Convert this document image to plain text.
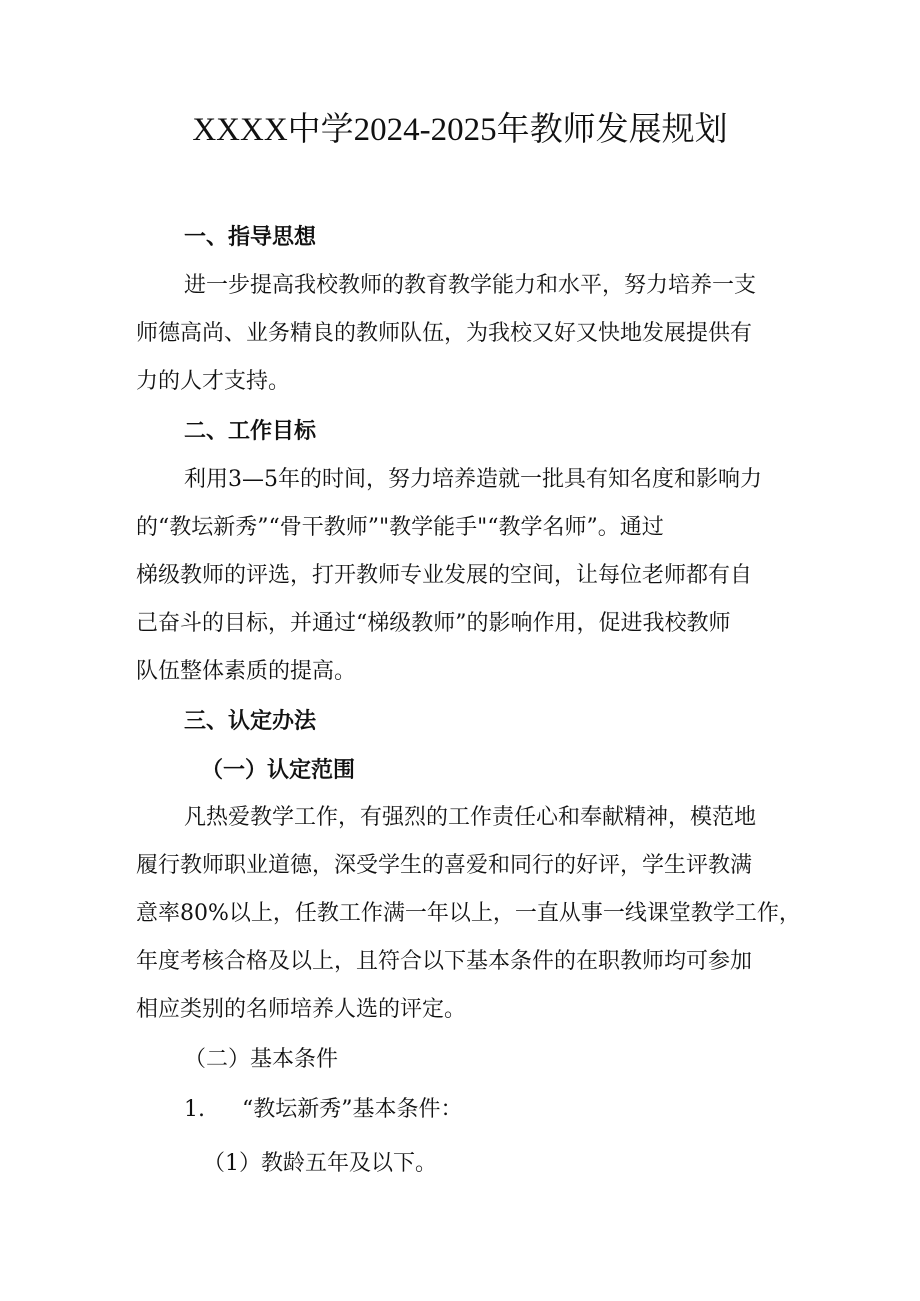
XXXX中学2024-2025年教师发展规划
一、指导思想
进一步提高我校教师的教育教学能力和水平，努力培养一支
师德高尚、业务精良的教师队伍，为我校又好又快地发展提供有
力的人才支持。
二、工作目标
利用3—5年的时间，努力培养造就一批具有知名度和影响力
的“教坛新秀”“骨干教师”"教学能手"“教学名师”。通过
梯级教师的评选，打开教师专业发展的空间，让每位老师都有自
己奋斗的目标，并通过“梯级教师”的影响作用，促进我校教师
队伍整体素质的提高。
三、认定办法
（一）认定范围
凡热爱教学工作，有强烈的工作责任心和奉献精神，模范地
履行教师职业道德，深受学生的喜爱和同行的好评，学生评教满
意率80%以上，任教工作满一年以上，一直从事一线课堂教学工作，
年度考核合格及以上，且符合以下基本条件的在职教师均可参加
相应类别的名师培养人选的评定。
（二）基本条件
1. “教坛新秀”基本条件：
（1）教龄五年及以下。
